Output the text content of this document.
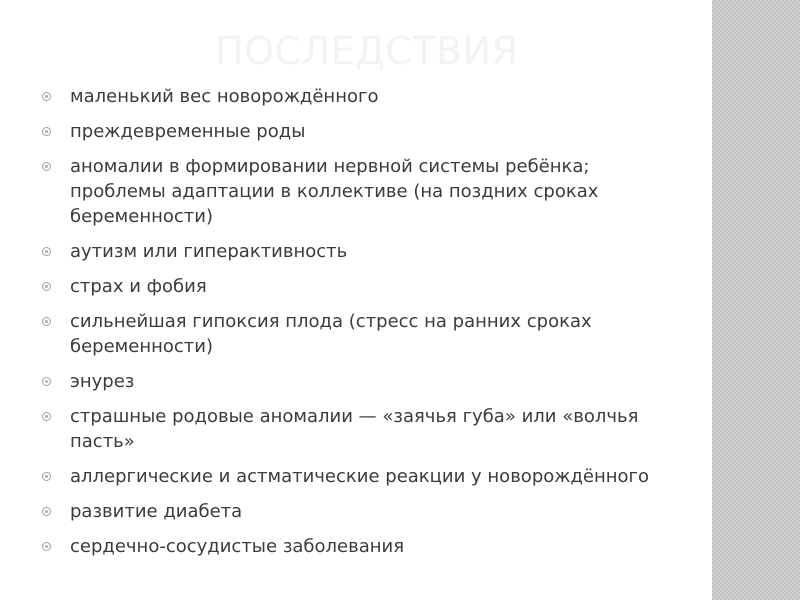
ПОСЛЕДСТВИЯ
маленький вес новорождённого
преждевременные роды
аномалии в формировании нервной системы ребёнка; проблемы адаптации в коллективе (на поздних сроках беременности)
аутизм или гиперактивность
страх и фобия
сильнейшая гипоксия плода (стресс на ранних сроках беременности)
энурез
страшные родовые аномалии — «заячья губа» или «волчья пасть»
аллергические и астматические реакции у новорождённого
развитие диабета
сердечно-сосудистые заболевания
